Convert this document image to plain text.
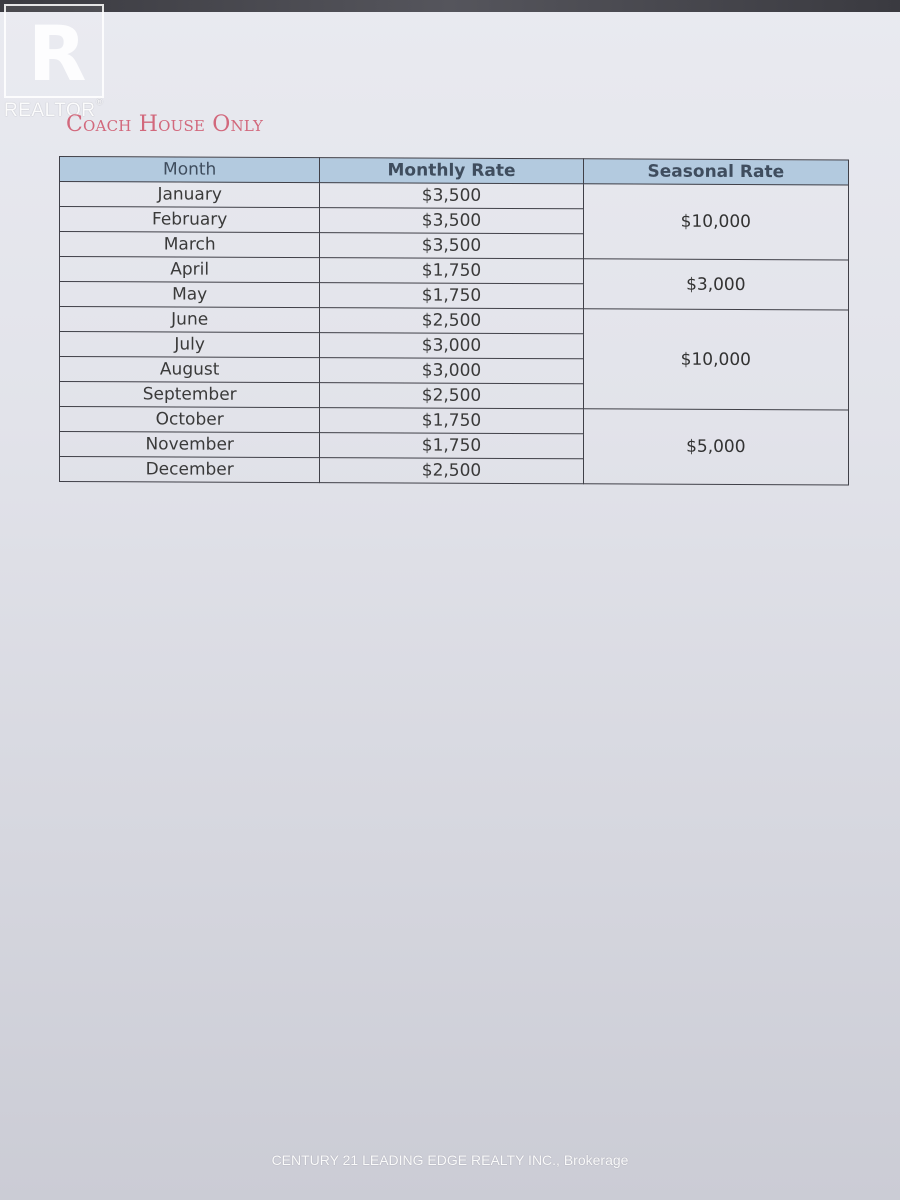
R
REALTOR ®
Coach House Only
Month	Monthly Rate	Seasonal Rate
January	$3,500	$10,000
February	$3,500	
March	$3,500	
April	$1,750	$3,000
May	$1,750	
June	$2,500	$10,000
July	$3,000	
August	$3,000	
September	$2,500	
October	$1,750	$5,000
November	$1,750	
December	$2,500	
CENTURY 21 LEADING EDGE REALTY INC., Brokerage
